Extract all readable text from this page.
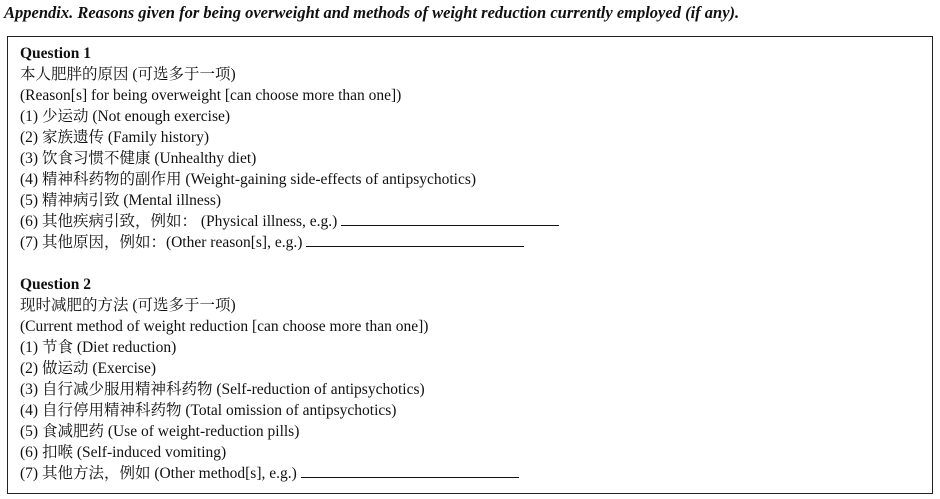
Appendix. Reasons given for being overweight and methods of weight reduction currently employed (if any).
Question 1
本人肥胖的原因 (可选多于一项)
(Reason[s] for being overweight [can choose more than one])
(1) 少运动 (Not enough exercise)
(2) 家族遗传 (Family history)
(3) 饮食习惯不健康 (Unhealthy diet)
(4) 精神科药物的副作用 (Weight-gaining side-effects of antipsychotics)
(5) 精神病引致 (Mental illness)
(6) 其他疾病引致，例如： (Physical illness, e.g.)
(7) 其他原因，例如：(Other reason[s], e.g.)
Question 2
现时减肥的方法 (可选多于一项)
(Current method of weight reduction [can choose more than one])
(1) 节食 (Diet reduction)
(2) 做运动 (Exercise)
(3) 自行减少服用精神科药物 (Self-reduction of antipsychotics)
(4) 自行停用精神科药物 (Total omission of antipsychotics)
(5) 食减肥药 (Use of weight-reduction pills)
(6) 扣喉 (Self-induced vomiting)
(7) 其他方法，例如 (Other method[s], e.g.)
